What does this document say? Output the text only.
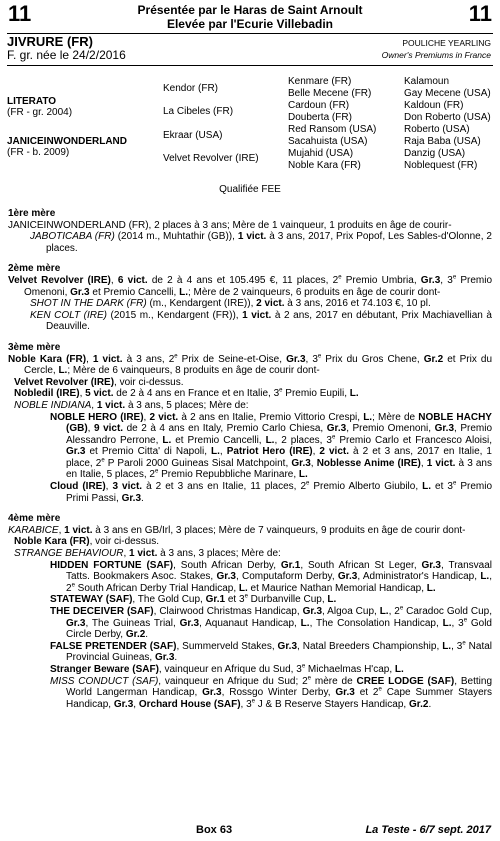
11	11
Présentée par le Haras de Saint Arnoult
Elevée par l'Ecurie Villebadin
JIVRURE (FR)
F. gr. née le 24/2/2016
POULICHE YEARLING
Owner's Premiums in France
LITERATO
(FR - gr. 2004)
JANICEINWONDERLAND
(FR - b. 2009)
Kendor (FR)
La Cibeles (FR)
Ekraar (USA)
Velvet Revolver (IRE)
Kenmare (FR)
Belle Mecene (FR)
Cardoun (FR)
Douberta (FR)
Red Ransom (USA)
Sacahuista (USA)
Mujahid (USA)
Noble Kara (FR)
Kalamoun
Gay Mecene (USA)
Kaldoun (FR)
Don Roberto (USA)
Roberto (USA)
Raja Baba (USA)
Danzig (USA)
Noblequest (FR)
Qualifiée FEE
1ère mère
JANICEINWONDERLAND (FR), 2 places à 3 ans; Mère de 1 vainqueur, 1 produits en âge de courir-
JABOTICABA (FR) (2014 m., Muhtathir (GB)), 1 vict. à 3 ans, 2017, Prix Popof, Les Sables-d'Olonne, 2 places.
2ème mère
Velvet Revolver (IRE), 6 vict. de 2 à 4 ans et 105.495 €, 11 places, 2e Premio Umbria, Gr.3, 3e Premio Omenoni, Gr.3 et Premio Cancelli, L.; Mère de 2 vainqueurs, 6 produits en âge de courir dont-
SHOT IN THE DARK (FR) (m., Kendargent (IRE)), 2 vict. à 3 ans, 2016 et 74.103 €, 10 pl.
KEN COLT (IRE) (2015 m., Kendargent (FR)), 1 vict. à 2 ans, 2017 en débutant, Prix Machiavellian à Deauville.
3ème mère
Noble Kara (FR), 1 vict. à 3 ans, 2e Prix de Seine-et-Oise, Gr.3, 3e Prix du Gros Chene, Gr.2 et Prix du Cercle, L.; Mère de 6 vainqueurs, 8 produits en âge de courir dont-
Velvet Revolver (IRE), voir ci-dessus.
Nobledil (IRE), 5 vict. de 2 à 4 ans en France et en Italie, 3e Premio Eupili, L.
NOBLE INDIANA, 1 vict. à 3 ans, 5 places; Mère de:
NOBLE HERO (IRE), 2 vict. à 2 ans en Italie, Premio Vittorio Crespi, L.; Mère de NOBLE HACHY (GB), 9 vict. de 2 à 4 ans en Italy, Premio Carlo Chiesa, Gr.3, Premio Omenoni, Gr.3, Premio Alessandro Perrone, L. et Premio Cancelli, L., 2 places, 3e Premio Carlo et Francesco Aloisi, Gr.3 et Premio Citta' di Napoli, L., Patriot Hero (IRE), 2 vict. à 2 et 3 ans, 2017 en Italie, 1 place, 2e P Paroli 2000 Guineas Sisal Matchpoint, Gr.3, Noblesse Anime (IRE), 1 vict. à 3 ans en Italie, 5 places, 2e Premio Repubbliche Marinare, L.
Cloud (IRE), 3 vict. à 2 et 3 ans en Italie, 11 places, 2e Premio Alberto Giubilo, L. et 3e Premio Primi Passi, Gr.3.
4ème mère
KARABICE, 1 vict. à 3 ans en GB/Irl, 3 places; Mère de 7 vainqueurs, 9 produits en âge de courir dont-
Noble Kara (FR), voir ci-dessus.
STRANGE BEHAVIOUR, 1 vict. à 3 ans, 3 places; Mère de:
HIDDEN FORTUNE (SAF), South African Derby, Gr.1, South African St Leger, Gr.3, Transvaal Tatts. Bookmakers Asoc. Stakes, Gr.3, Computaform Derby, Gr.3, Administrator's Handicap, L., 2e South African Derby Trial Handicap, L. et Maurice Nathan Memorial Handicap, L.
STATEWAY (SAF), The Gold Cup, Gr.1 et 3e Durbanville Cup, L.
THE DECEIVER (SAF), Clairwood Christmas Handicap, Gr.3, Algoa Cup, L., 2e Caradoc Gold Cup, Gr.3, The Guineas Trial, Gr.3, Aquanaut Handicap, L., The Consolation Handicap, L., 3e Gold Circle Derby, Gr.2.
FALSE PRETENDER (SAF), Summerveld Stakes, Gr.3, Natal Breeders Championship, L., 3e Natal Provincial Guineas, Gr.3.
Stranger Beware (SAF), vainqueur en Afrique du Sud, 3e Michaelmas H'cap, L.
MISS CONDUCT (SAF), vainqueur en Afrique du Sud; 2e mère de CREE LODGE (SAF), Betting World Langerman Handicap, Gr.3, Rossgo Winter Derby, Gr.3 et 2e Cape Summer Stayers Handicap, Gr.3, Orchard House (SAF), 3e J & B Reserve Stayers Handicap, Gr.2.
Box 63	La Teste - 6/7 sept. 2017
